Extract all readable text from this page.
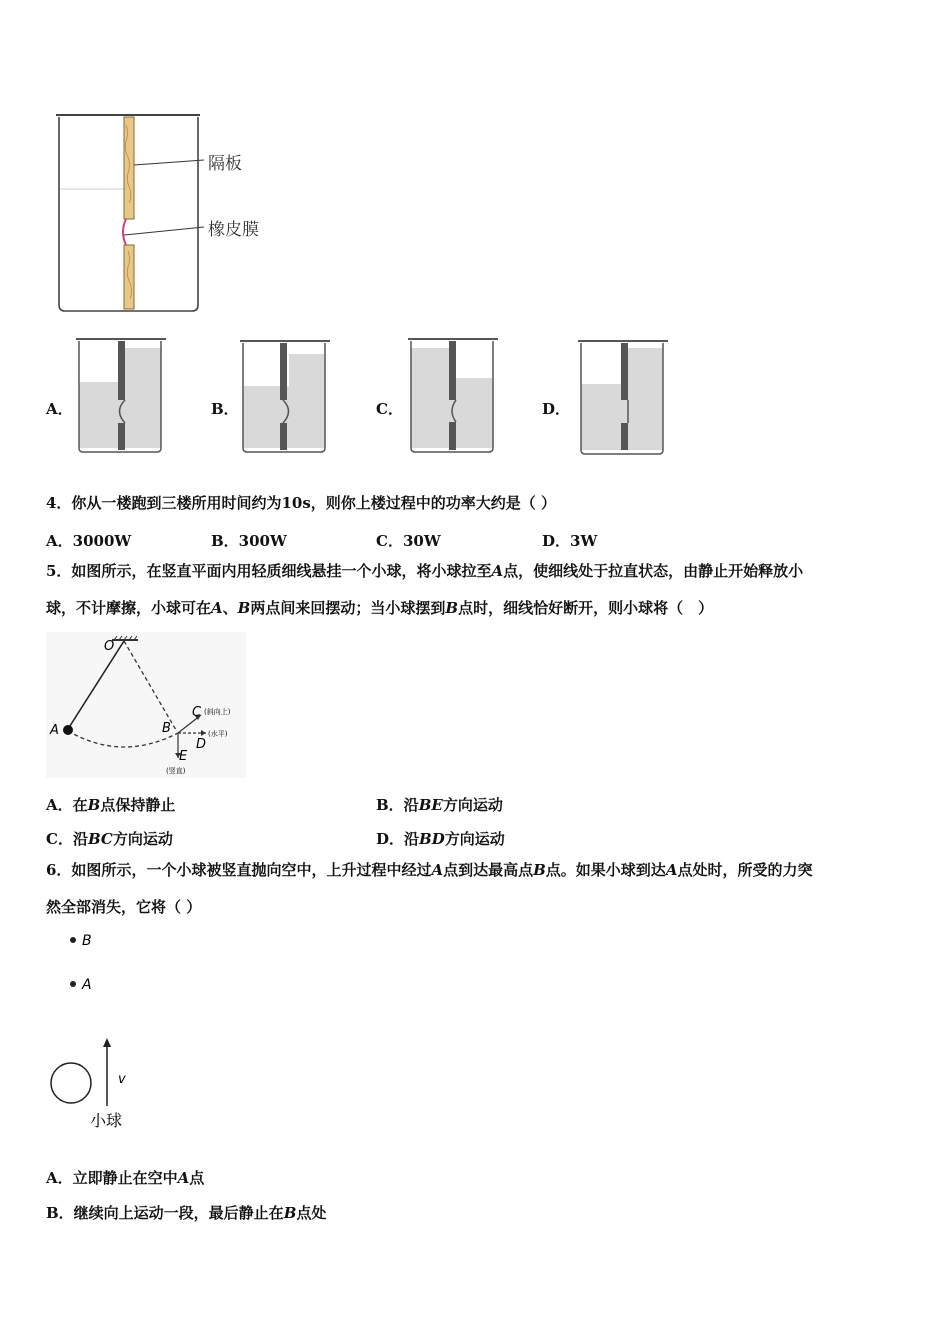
隔板
橡皮膜
A．	B．	C．	D．
4．你从一楼跑到三楼所用时间约为10s，则你上楼过程中的功率大约是（ ）
A．3000W	B．300W	C．30W	D．3W
5．如图所示，在竖直平面内用轻质细线悬挂一个小球，将小球拉至A点，使细线处于拉直状态，由静止开始释放小
球，不计摩擦，小球可在A、B两点间来回摆动；当小球摆到B点时，细线恰好断开，则小球将（　）
O
A	B
C (斜向上)
D
(水平)
E
(竖直)
A．在B点保持静止	B．沿BE方向运动
C．沿BC方向运动	D．沿BD方向运动
6．如图所示，一个小球被竖直抛向空中，上升过程中经过A点到达最高点B点。如果小球到达A点处时，所受的力突
然全部消失，它将（ ）
B
A
v
小球
A．立即静止在空中A点
B．继续向上运动一段，最后静止在B点处
